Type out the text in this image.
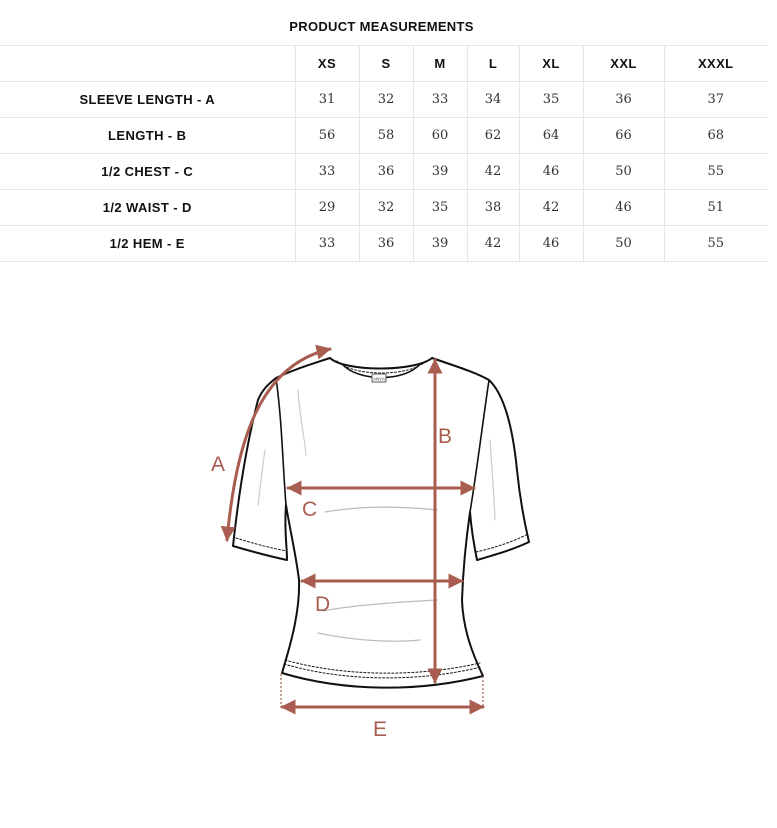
PRODUCT MEASUREMENTS
	XS	S	M	L	XL	XXL	XXXL
SLEEVE LENGTH - A	31	32	33	34	35	36	37
LENGTH - B	56	58	60	62	64	66	68
1/2 CHEST - C	33	36	39	42	46	50	55
1/2 WAIST - D	29	32	35	38	42	46	51
1/2 HEM - E	33	36	39	42	46	50	55
ANYA
A
B
C
D
E
